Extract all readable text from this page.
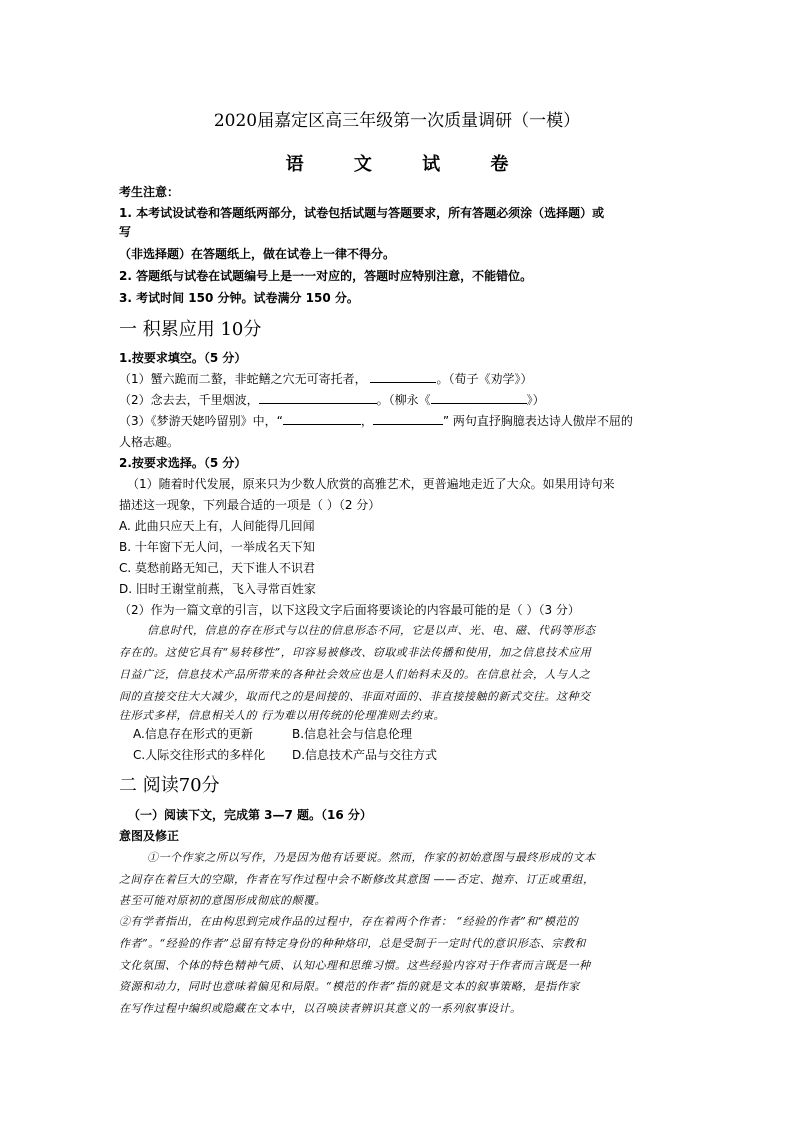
2020届嘉定区高三年级第一次质量调研（一模）
语 文 试 卷
考生注意：
1. 本考试设试卷和答题纸两部分，试卷包括试题与答题要求，所有答题必须涂（选择题）或
写
（非选择题）在答题纸上，做在试卷上一律不得分。
2. 答题纸与试卷在试题编号上是一一对应的，答题时应特别注意，不能错位。
3. 考试时间 150 分钟。试卷满分 150 分。
一 积累应用 10分
1.按要求填空。（5 分）
（1）蟹六跪而二螯，非蛇鳝之穴无可寄托者，	。（荀子《劝学》）
（2）念去去，千里烟波，	。（柳永《	》）
（3）《梦游天姥吟留别》中，“	，	” 两句直抒胸臆表达诗人傲岸不屈的
人格志趣。
2.按要求选择。（5 分）
（1）随着时代发展，原来只为少数人欣赏的高雅艺术，更普遍地走近了大众。如果用诗句来
描述这一现象，下列最合适的一项是（ ）（2 分）
A. 此曲只应天上有，人间能得几回闻
B. 十年窗下无人问，一举成名天下知
C. 莫愁前路无知己，天下谁人不识君
D. 旧时王谢堂前燕，飞入寻常百姓家
（2）作为一篇文章的引言，以下这段文字后面将要谈论的内容最可能的是（ ）（3 分）
信息时代，信息的存在形式与以往的信息形态不同，它是以声、光、电、磁、代码等形态
存在的。这使它具有“易转移性”，印容易被修改、窃取或非法传播和使用，加之信息技术应用
日益广泛，信息技术产品所带来的各种社会效应也是人们始料未及的。在信息社会，人与人之
间的直接交往大大减少，取而代之的是间接的、非面对面的、非直接接触的新式交往。这种交
往形式多样，信息相关人的 行为难以用传统的伦理准则去约束。
A.信息存在形式的更新	B.信息社会与信息伦理
C.人际交往形式的多样化 D.信息技术产品与交往方式
二 阅读70分
（一）阅读下文，完成第 3—7 题。（16 分）
意图及修正
①一个作家之所以写作，乃是因为他有话要说。然而，作家的初始意图与最终形成的文本
之间存在着巨大的空隙，作者在写作过程中会不断修改其意图 ——否定、抛弃、订正或重组，
甚至可能对原初的意图形成彻底的颠覆。
②有学者指出，在由构思到完成作品的过程中，存在着两个作者： “经验的作者”和“模范的
作者”。“经验的作者”总留有特定身份的种种烙印，总是受制于一定时代的意识形态、宗教和
文化氛围、个体的特色精神气质、认知心理和思维习惯。这些经验内容对于作者而言既是一种
资源和动力，同时也意味着偏见和局限。“模范的作者”指的就是文本的叙事策略，是指作家
在写作过程中编织或隐藏在文本中，以召唤读者辨识其意义的一系列叙事设计。
